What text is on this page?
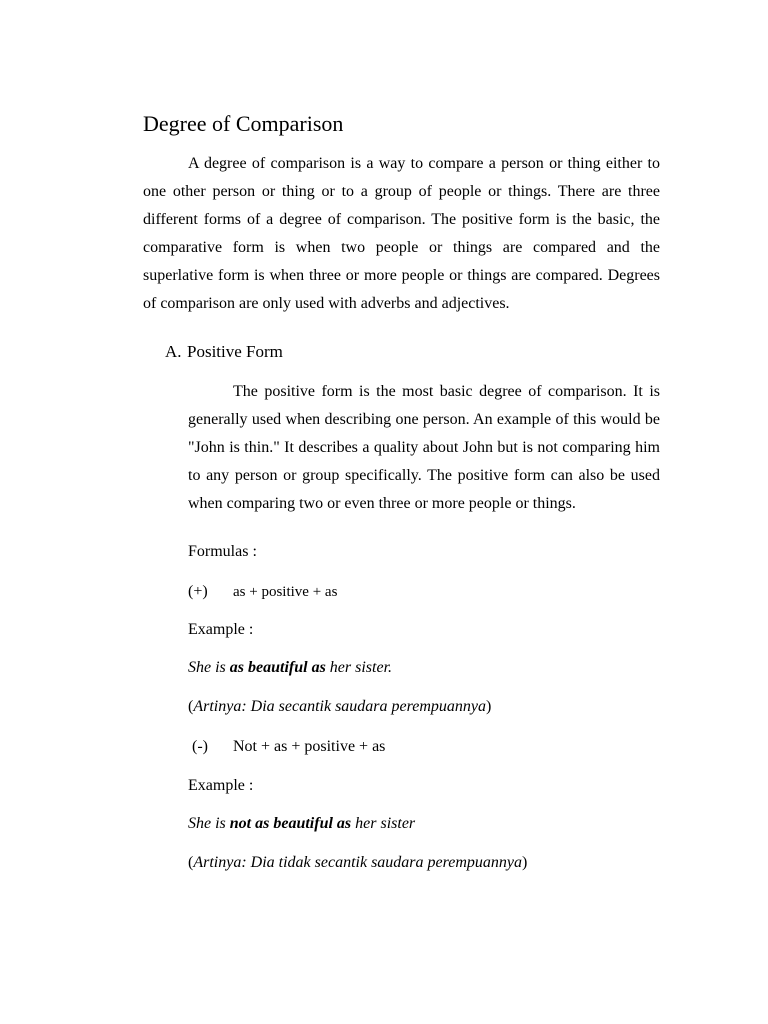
Degree of Comparison

A degree of comparison is a way to compare a person or thing either to one other person or thing or to a group of people or things. There are three different forms of a degree of comparison. The positive form is the basic, the comparative form is when two people or things are compared and the superlative form is when three or more people or things are compared. Degrees of comparison are only used with adverbs and adjectives.

A. Positive Form

The positive form is the most basic degree of comparison. It is generally used when describing one person. An example of this would be "John is thin." It describes a quality about John but is not comparing him to any person or group specifically. The positive form can also be used when comparing two or even three or more people or things.

Formulas :
(+) as + positive + as
Example :
She is as beautiful as her sister.
(Artinya: Dia secantik saudara perempuannya)
(-) Not + as + positive + as
Example :
She is not as beautiful as her sister
(Artinya: Dia tidak secantik saudara perempuannya)
